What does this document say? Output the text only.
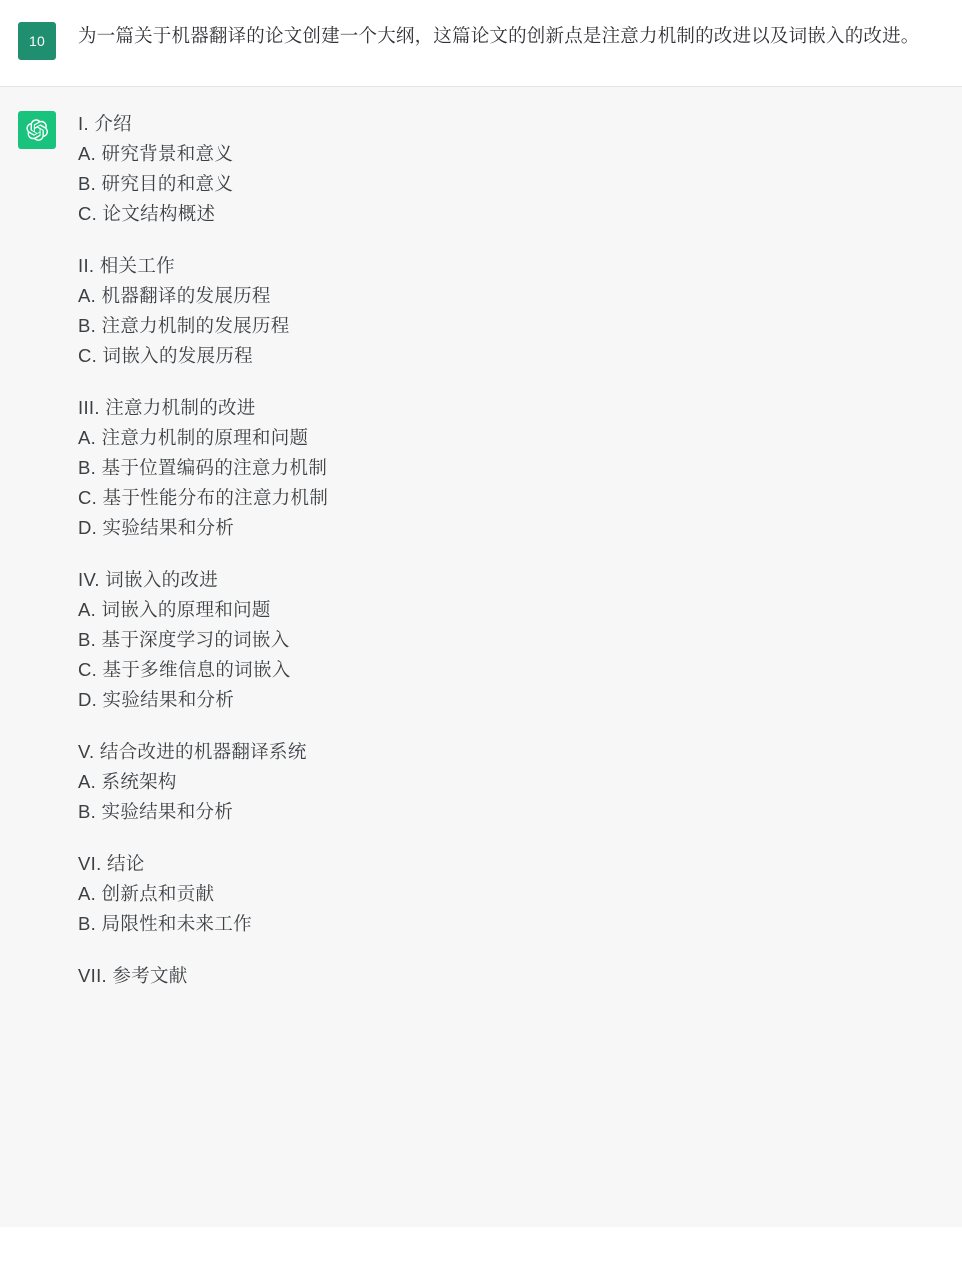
10 为一篇关于机器翻译的论文创建一个大纲，这篇论文的创新点是注意力机制的改进以及词嵌入的改进。
I. 介绍
A. 研究背景和意义
B. 研究目的和意义
C. 论文结构概述
II. 相关工作
A. 机器翻译的发展历程
B. 注意力机制的发展历程
C. 词嵌入的发展历程
III. 注意力机制的改进
A. 注意力机制的原理和问题
B. 基于位置编码的注意力机制
C. 基于性能分布的注意力机制
D. 实验结果和分析
IV. 词嵌入的改进
A. 词嵌入的原理和问题
B. 基于深度学习的词嵌入
C. 基于多维信息的词嵌入
D. 实验结果和分析
V. 结合改进的机器翻译系统
A. 系统架构
B. 实验结果和分析
VI. 结论
A. 创新点和贡献
B. 局限性和未来工作
VII. 参考文献
